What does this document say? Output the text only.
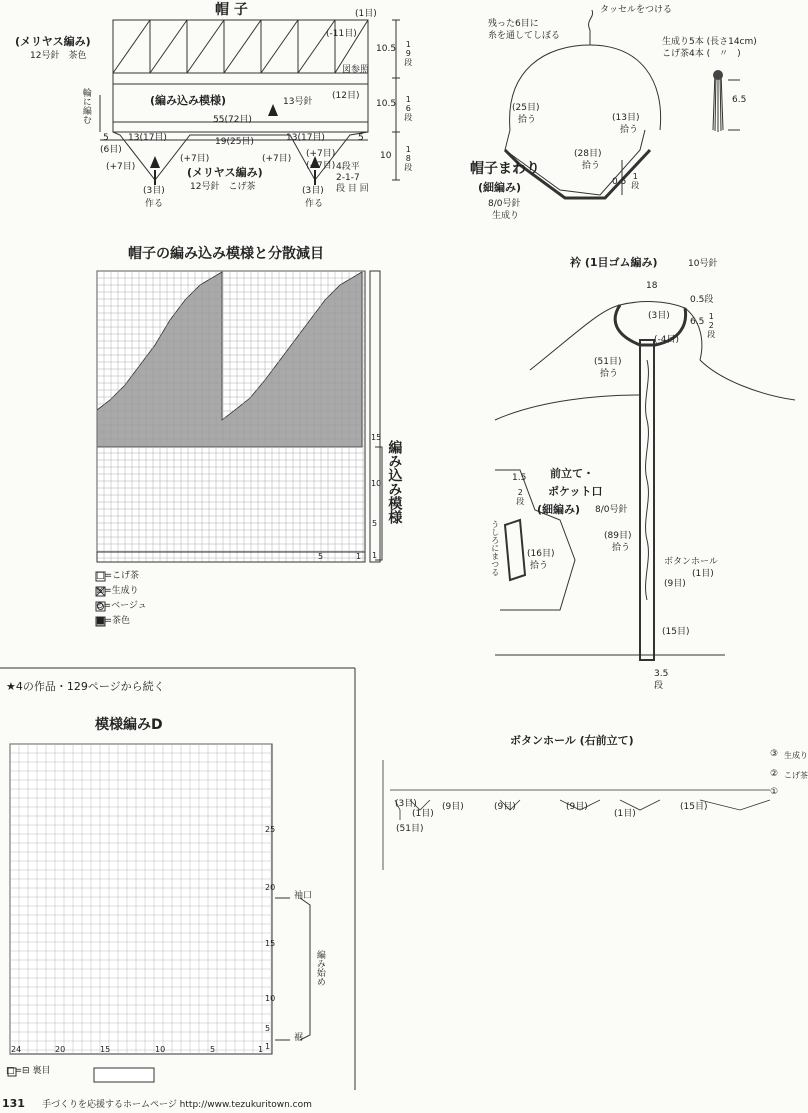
帽 子
(メリヤス編み)
12号針　茶色
(1目)
(-11目)
図参照
(12目)
輪に編む	(編み込み模様)	13号針
55(72目)
10.5 19段
10.5 16段
10 18段
5
(6目)
13(17目)	19(25目)	13(17目)	5
(+7目)
(+7目)	(+7目) (+7目)
(+7目)
(3目)
作る
(3目)
作る
(メリヤス編み)
12号針　こげ茶
4段平
2-1-7
段 目 回
タッセルをつける
残った6目に
糸を通してしぼる
生成り5本 (長さ14cm)
こげ茶4本 (　〃　)
6.5
(25目)
拾う	(13目)
拾う
(28目)
拾う
帽子まわり
(細編み)
8/0号針
生成り
0.5 1段
帽子の編み込み模様と分散減目
編み込み模様
15
10
5
1
5	1
□=こげ茶
☒=生成り
⊙=ベージュ
■=茶色
衿 (1目ゴム編み)	10号針
18
0.5段
6.5 12段
(3目)
(-4目)
(51目)
拾う
前立て・
ポケット口
(細編み) 8/0号針
1.5
2段
うしろにまつる	(16目)
拾う
(89目)
拾う
ボタンホール
(1目)
(9目)
(15目)
3.5
段
★4の作品・129ページから続く
模様編みD
袖口
編み始め
裾
□=⊟ 裏目
25
20
15
10
5
1
24	20	15	10	5	1
ボタンホール (右前立て)
③
②
①
生成り
こげ茶
(3目)
(1目)
(9目)	(9目)	(9目)
(1目)
(15目)
(51目)
131 手づくりを応援するホームページ http://www.tezukuritown.com
